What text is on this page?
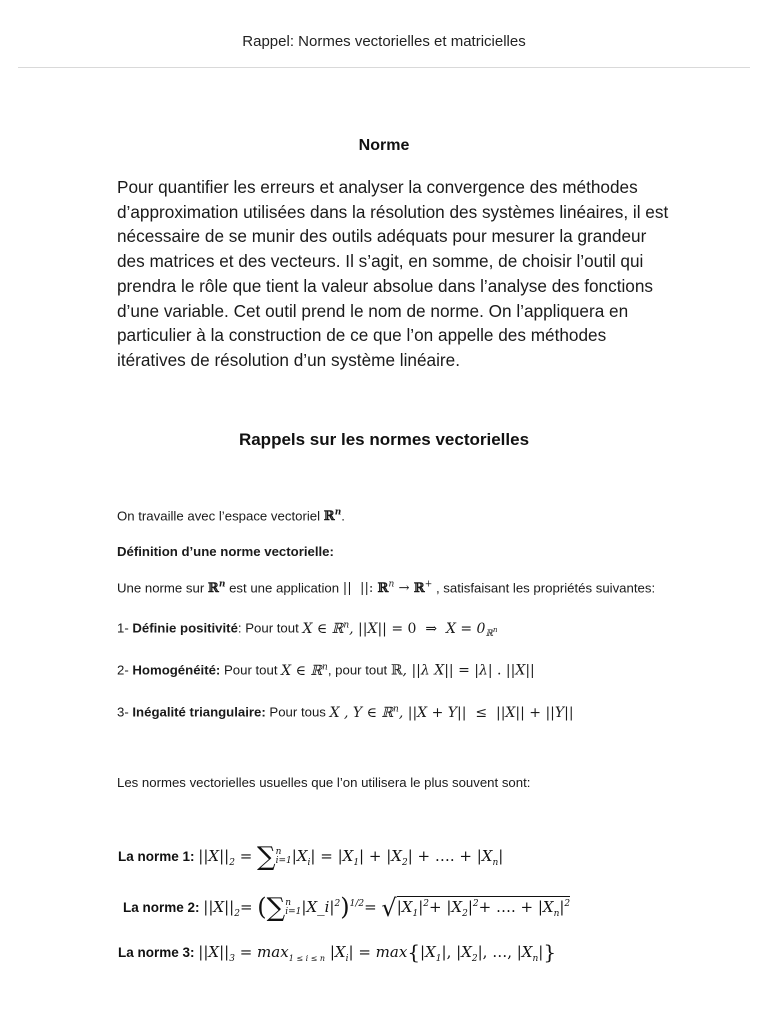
Rappel: Normes vectorielles et matricielles
Norme
Pour quantifier les erreurs et analyser la convergence des méthodes
d’approximation utilisées dans la résolution des systèmes linéaires, il est
nécessaire de se munir des outils adéquats pour mesurer la grandeur
des matrices et des vecteurs. Il s’agit, en somme, de choisir l’outil qui
prendra le rôle que tient la valeur absolue dans l’analyse des fonctions
d’une variable. Cet outil prend le nom de norme. On l’appliquera en
particulier à la construction de ce que l’on appelle des méthodes
itératives de résolution d’un système linéaire.
Rappels sur les normes vectorielles
On travaille avec l’espace vectoriel ℝ$^n$.
Définition d’une norme vectorielle:
Une norme sur ℝ$^n$ est une application ||  ||: ℝ$^n$ → ℝ+ , satisfaisant les propriétés suivantes:
1- Définie positivité: Pour tout X ∈ ℝ$^n$, ||X|| = 0  ⇒  $X = 0_{ℝ^n}$
2- Homogénéité: Pour tout X ∈ ℝ$^n$, pour tout ℝ, ||λ X|| = |λ| . ||X||
3- Inégalité triangulaire: Pour tous X , Y ∈ ℝ$^n$, ||X + Y||  ≤  ||X|| + ||Y||
Les normes vectorielles usuelles que l’on utilisera le plus souvent sont:
La norme 1: $||X||_2$ = ∑ n
i=1 $|X_i| = |X_1| + |X_2|$ + …. + $|X_n|$
La norme 2: $||X||_2=$ (∑ n
i=1 $|X\_i|^2)^{1/2}= √|X_1|^2+ |X_2|^2+$ …. + $|X_n|^2$
La norme 3: $||X||_3 = \max_{1 \le i \le n} |X_i| = \max\{|X_1|$, $|X_2|$, …, $|X_n|$}
